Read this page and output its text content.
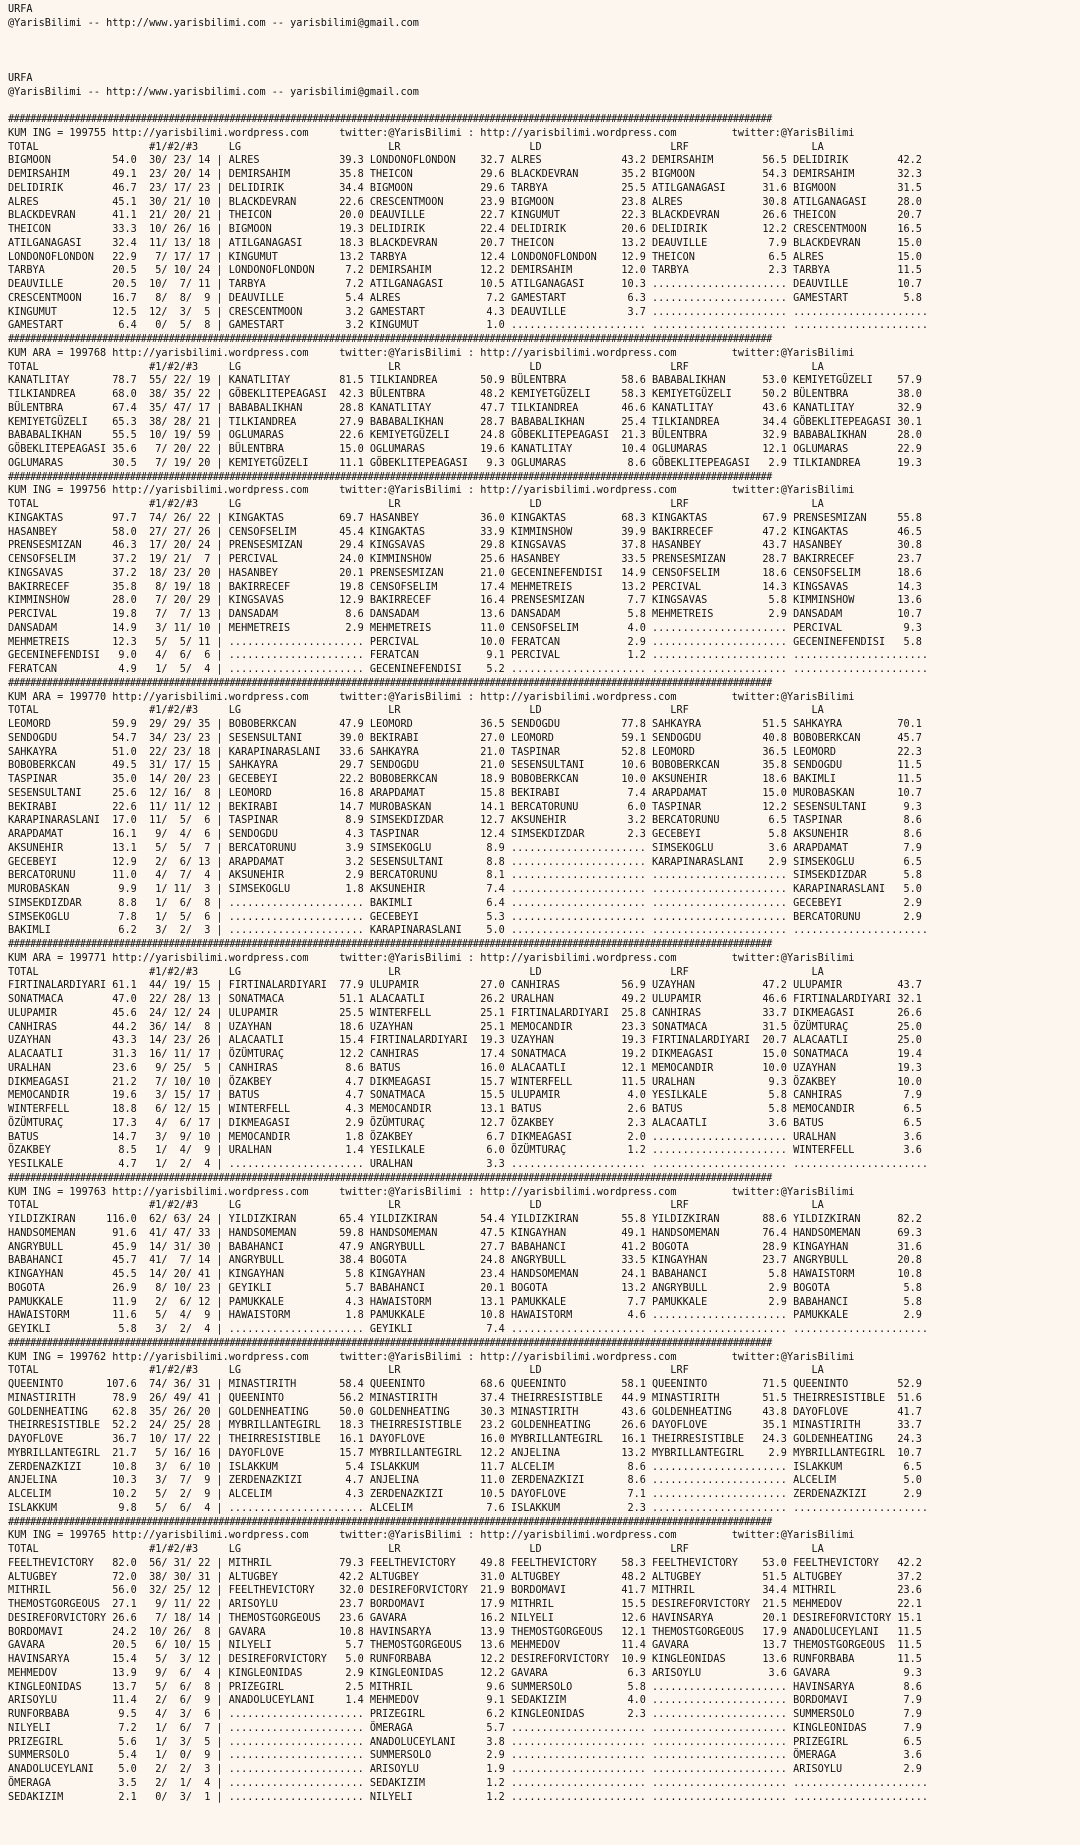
URFA
@YarisBilimi -- http://www.yarisbilimi.com -- yarisbilimi@gmail.com

URFA
@YarisBilimi -- http://www.yarisbilimi.com -- yarisbilimi@gmail.com

##########################################################################################################################################
KUM ING = 199755 http://yarisbilimi.wordpress.com     twitter:@YarisBilimi : http://yarisbilimi.wordpress.com         twitter:@YarisBilimi
TOTAL                  #1/#2/#3     LG                        LR                     LD                     LRF                    LA
BIGMOON          54.0  30/ 23/ 14 | ALRES             39.3 LONDONOFLONDON    32.7 ALRES             43.2 DEMIRSAHIM        56.5 DELIDIRIK        42.2
DEMIRSAHIM       49.1  23/ 20/ 14 | DEMIRSAHIM        35.8 THEICON           29.6 BLACKDEVRAN       35.2 BIGMOON           54.3 DEMIRSAHIM       32.3
DELIDIRIK        46.7  23/ 17/ 23 | DELIDIRIK         34.4 BIGMOON           29.6 TARBYA            25.5 ATILGANAGASI      31.6 BIGMOON          31.5
ALRES            45.1  30/ 21/ 10 | BLACKDEVRAN       22.6 CRESCENTMOON      23.9 BIGMOON           23.8 ALRES             30.8 ATILGANAGASI     28.0
BLACKDEVRAN      41.1  21/ 20/ 21 | THEICON           20.0 DEAUVILLE         22.7 KINGUMUT          22.3 BLACKDEVRAN       26.6 THEICON          20.7
THEICON          33.3  10/ 26/ 16 | BIGMOON           19.3 DELIDIRIK         22.4 DELIDIRIK         20.6 DELIDIRIK         12.2 CRESCENTMOON     16.5
ATILGANAGASI     32.4  11/ 13/ 18 | ATILGANAGASI      18.3 BLACKDEVRAN       20.7 THEICON           13.2 DEAUVILLE          7.9 BLACKDEVRAN      15.0
LONDONOFLONDON   22.9   7/ 17/ 17 | KINGUMUT          13.2 TARBYA            12.4 LONDONOFLONDON    12.9 THEICON            6.5 ALRES            15.0
TARBYA           20.5   5/ 10/ 24 | LONDONOFLONDON     7.2 DEMIRSAHIM        12.2 DEMIRSAHIM        12.0 TARBYA             2.3 TARBYA           11.5
DEAUVILLE        20.5  10/  7/ 11 | TARBYA             7.2 ATILGANAGASI      10.5 ATILGANAGASI      10.3 ...................... DEAUVILLE        10.7
CRESCENTMOON     16.7   8/  8/  9 | DEAUVILLE          5.4 ALRES              7.2 GAMESTART          6.3 ...................... GAMESTART         5.8
KINGUMUT         12.5  12/  3/  5 | CRESCENTMOON       3.2 GAMESTART          4.3 DEAUVILLE          3.7 ...................... ......................
GAMESTART         6.4   0/  5/  8 | GAMESTART          3.2 KINGUMUT           1.0 ...................... ...................... ......................
##########################################################################################################################################
KUM ARA = 199768 http://yarisbilimi.wordpress.com     twitter:@YarisBilimi : http://yarisbilimi.wordpress.com         twitter:@YarisBilimi
TOTAL                  #1/#2/#3     LG                        LR                     LD                     LRF                    LA
KANATLITAY       78.7  55/ 22/ 19 | KANATLITAY        81.5 TILKIANDREA       50.9 BÜLENTBRA         58.6 BABABALIKHAN      53.0 KEMIYETGÜZELI    57.9
TILKIANDREA      68.0  38/ 35/ 22 | GÖBEKLITEPEAGASI  42.3 BÜLENTBRA         48.2 KEMIYETGÜZELI     58.3 KEMIYETGÜZELI     50.2 BÜLENTBRA        38.0
BÜLENTBRA        67.4  35/ 47/ 17 | BABABALIKHAN      28.8 KANATLITAY        47.7 TILKIANDREA       46.6 KANATLITAY        43.6 KANATLITAY       32.9
KEMIYETGÜZELI    65.3  38/ 28/ 21 | TILKIANDREA       27.9 BABABALIKHAN      28.7 BABABALIKHAN      25.4 TILKIANDREA       34.4 GÖBEKLITEPEAGASI 30.1
BABABALIKHAN     55.5  10/ 19/ 59 | OGLUMARAS         22.6 KEMIYETGÜZELI     24.8 GÖBEKLITEPEAGASI  21.3 BÜLENTBRA         32.9 BABABALIKHAN     28.0
GÖBEKLITEPEAGASI 35.6   7/ 20/ 22 | BÜLENTBRA         15.0 OGLUMARAS         19.6 KANATLITAY        10.4 OGLUMARAS         12.1 OGLUMARAS        22.9
OGLUMARAS        30.5   7/ 19/ 20 | KEMIYETGÜZELI     11.1 GÖBEKLITEPEAGASI   9.3 OGLUMARAS          8.6 GÖBEKLITEPEAGASI   2.9 TILKIANDREA      19.3
##########################################################################################################################################
KUM ING = 199756 http://yarisbilimi.wordpress.com     twitter:@YarisBilimi : http://yarisbilimi.wordpress.com         twitter:@YarisBilimi
TOTAL                  #1/#2/#3     LG                        LR                     LD                     LRF                    LA
KINGAKTAS        97.7  74/ 26/ 22 | KINGAKTAS         69.7 HASANBEY          36.0 KINGAKTAS         68.3 KINGAKTAS         67.9 PRENSESMIZAN     55.8
HASANBEY         58.0  27/ 27/ 26 | CENSOFSELIM       45.4 KINGAKTAS         33.9 KIMMINSHOW        39.9 BAKIRRECEF        47.2 KINGAKTAS        46.5
PRENSESMIZAN     46.3  17/ 20/ 24 | PRENSESMIZAN      29.4 KINGSAVAS         29.8 KINGSAVAS         37.8 HASANBEY          43.7 HASANBEY         30.8
CENSOFSELIM      37.2  19/ 21/  7 | PERCIVAL          24.0 KIMMINSHOW        25.6 HASANBEY          33.5 PRENSESMIZAN      28.7 BAKIRRECEF       23.7
KINGSAVAS        37.2  18/ 23/ 20 | HASANBEY          20.1 PRENSESMIZAN      21.0 GECENINEFENDISI   14.9 CENSOFSELIM       18.6 CENSOFSELIM      18.6
BAKIRRECEF       35.8   8/ 19/ 18 | BAKIRRECEF        19.8 CENSOFSELIM       17.4 MEHMETREIS        13.2 PERCIVAL          14.3 KINGSAVAS        14.3
KIMMINSHOW       28.0   7/ 20/ 29 | KINGSAVAS         12.9 BAKIRRECEF        16.4 PRENSESMIZAN       7.7 KINGSAVAS          5.8 KIMMINSHOW       13.6
PERCIVAL         19.8   7/  7/ 13 | DANSADAM           8.6 DANSADAM          13.6 DANSADAM           5.8 MEHMETREIS         2.9 DANSADAM         10.7
DANSADAM         14.9   3/ 11/ 10 | MEHMETREIS         2.9 MEHMETREIS        11.0 CENSOFSELIM        4.0 ...................... PERCIVAL          9.3
MEHMETREIS       12.3   5/  5/ 11 | ...................... PERCIVAL          10.0 FERATCAN           2.9 ...................... GECENINEFENDISI   5.8
GECENINEFENDISI   9.0   4/  6/  6 | ...................... FERATCAN           9.1 PERCIVAL           1.2 ...................... ......................
FERATCAN          4.9   1/  5/  4 | ...................... GECENINEFENDISI    5.2 ...................... ...................... ......................
##########################################################################################################################################
KUM ARA = 199770 http://yarisbilimi.wordpress.com     twitter:@YarisBilimi : http://yarisbilimi.wordpress.com         twitter:@YarisBilimi
TOTAL                  #1/#2/#3     LG                        LR                     LD                     LRF                    LA
LEOMORD          59.9  29/ 29/ 35 | BOBOBERKCAN       47.9 LEOMORD           36.5 SENDOGDU          77.8 SAHKAYRA          51.5 SAHKAYRA         70.1
SENDOGDU         54.7  34/ 23/ 23 | SESENSULTANI      39.0 BEKIRABI          27.0 LEOMORD           59.1 SENDOGDU          40.8 BOBOBERKCAN      45.7
SAHKAYRA         51.0  22/ 23/ 18 | KARAPINARASLANI   33.6 SAHKAYRA          21.0 TASPINAR          52.8 LEOMORD           36.5 LEOMORD          22.3
BOBOBERKCAN      49.5  31/ 17/ 15 | SAHKAYRA          29.7 SENDOGDU          21.0 SESENSULTANI      10.6 BOBOBERKCAN       35.8 SENDOGDU         11.5
TASPINAR         35.0  14/ 20/ 23 | GECEBEYI          22.2 BOBOBERKCAN       18.9 BOBOBERKCAN       10.0 AKSUNEHIR         18.6 BAKIMLI          11.5
SESENSULTANI     25.6  12/ 16/  8 | LEOMORD           16.8 ARAPDAMAT         15.8 BEKIRABI           7.4 ARAPDAMAT         15.0 MUROBASKAN       10.7
BEKIRABI         22.6  11/ 11/ 12 | BEKIRABI          14.7 MUROBASKAN        14.1 BERCATORUNU        6.0 TASPINAR          12.2 SESENSULTANI      9.3
KARAPINARASLANI  17.0  11/  5/  6 | TASPINAR           8.9 SIMSEKDIZDAR      12.7 AKSUNEHIR          3.2 BERCATORUNU        6.5 TASPINAR          8.6
ARAPDAMAT        16.1   9/  4/  6 | SENDOGDU           4.3 TASPINAR          12.4 SIMSEKDIZDAR       2.3 GECEBEYI           5.8 AKSUNEHIR         8.6
AKSUNEHIR        13.1   5/  5/  7 | BERCATORUNU        3.9 SIMSEKOGLU         8.9 ...................... SIMSEKOGLU         3.6 ARAPDAMAT         7.9
GECEBEYI         12.9   2/  6/ 13 | ARAPDAMAT          3.2 SESENSULTANI       8.8 ...................... KARAPINARASLANI    2.9 SIMSEKOGLU        6.5
BERCATORUNU      11.0   4/  7/  4 | AKSUNEHIR          2.9 BERCATORUNU        8.1 ...................... ...................... SIMSEKDIZDAR      5.8
MUROBASKAN        9.9   1/ 11/  3 | SIMSEKOGLU         1.8 AKSUNEHIR          7.4 ...................... ...................... KARAPINARASLANI   5.0
SIMSEKDIZDAR      8.8   1/  6/  8 | ...................... BAKIMLI            6.4 ...................... ...................... GECEBEYI          2.9
SIMSEKOGLU        7.8   1/  5/  6 | ...................... GECEBEYI           5.3 ...................... ...................... BERCATORUNU       2.9
BAKIMLI           6.2   3/  2/  3 | ...................... KARAPINARASLANI    5.0 ...................... ...................... ......................
##########################################################################################################################################
KUM ARA = 199771 http://yarisbilimi.wordpress.com     twitter:@YarisBilimi : http://yarisbilimi.wordpress.com         twitter:@YarisBilimi
TOTAL                  #1/#2/#3     LG                        LR                     LD                     LRF                    LA
FIRTINALARDIYARI 61.1  44/ 19/ 15 | FIRTINALARDIYARI  77.9 ULUPAMIR          27.0 CANHIRAS          56.9 UZAYHAN           47.2 ULUPAMIR         43.7
SONATMACA        47.0  22/ 28/ 13 | SONATMACA         51.1 ALACAATLI         26.2 URALHAN           49.2 ULUPAMIR          46.6 FIRTINALARDIYARI 32.1
ULUPAMIR         45.6  24/ 12/ 24 | ULUPAMIR          25.5 WINTERFELL        25.1 FIRTINALARDIYARI  25.8 CANHIRAS          33.7 DIKMEAGASI       26.6
CANHIRAS         44.2  36/ 14/  8 | UZAYHAN           18.6 UZAYHAN           25.1 MEMOCANDIR        23.3 SONATMACA         31.5 ÖZÜMTURAÇ        25.0
UZAYHAN          43.3  14/ 23/ 26 | ALACAATLI         15.4 FIRTINALARDIYARI  19.3 UZAYHAN           19.3 FIRTINALARDIYARI  20.7 ALACAATLI        25.0
ALACAATLI        31.3  16/ 11/ 17 | ÖZÜMTURAÇ         12.2 CANHIRAS          17.4 SONATMACA         19.2 DIKMEAGASI        15.0 SONATMACA        19.4
URALHAN          23.6   9/ 25/  5 | CANHIRAS           8.6 BATUS             16.0 ALACAATLI         12.1 MEMOCANDIR        10.0 UZAYHAN          19.3
DIKMEAGASI       21.2   7/ 10/ 10 | ÖZAKBEY            4.7 DIKMEAGASI        15.7 WINTERFELL        11.5 URALHAN            9.3 ÖZAKBEY          10.0
MEMOCANDIR       19.6   3/ 15/ 17 | BATUS              4.7 SONATMACA         15.5 ULUPAMIR           4.0 YESILKALE          5.8 CANHIRAS          7.9
WINTERFELL       18.8   6/ 12/ 15 | WINTERFELL         4.3 MEMOCANDIR        13.1 BATUS              2.6 BATUS              5.8 MEMOCANDIR        6.5
ÖZÜMTURAÇ        17.3   4/  6/ 17 | DIKMEAGASI         2.9 ÖZÜMTURAÇ         12.7 ÖZAKBEY            2.3 ALACAATLI          3.6 BATUS             6.5
BATUS            14.7   3/  9/ 10 | MEMOCANDIR         1.8 ÖZAKBEY            6.7 DIKMEAGASI         2.0 ...................... URALHAN           3.6
ÖZAKBEY           8.5   1/  4/  9 | URALHAN            1.4 YESILKALE          6.0 ÖZÜMTURAÇ          1.2 ...................... WINTERFELL        3.6
YESILKALE         4.7   1/  2/  4 | ...................... URALHAN            3.3 ...................... ...................... ......................
##########################################################################################################################################
KUM ING = 199763 http://yarisbilimi.wordpress.com     twitter:@YarisBilimi : http://yarisbilimi.wordpress.com         twitter:@YarisBilimi
TOTAL                  #1/#2/#3     LG                        LR                     LD                     LRF                    LA
YILDIZKIRAN     116.0  62/ 63/ 24 | YILDIZKIRAN       65.4 YILDIZKIRAN       54.4 YILDIZKIRAN       55.8 YILDIZKIRAN       88.6 YILDIZKIRAN      82.2
HANDSOMEMAN      91.6  41/ 47/ 33 | HANDSOMEMAN       59.8 HANDSOMEMAN       47.5 KINGAYHAN         49.1 HANDSOMEMAN       76.4 HANDSOMEMAN      69.3
ANGRYBULL        45.9  14/ 31/ 30 | BABAHANCI         47.9 ANGRYBULL         27.7 BABAHANCI         41.2 BOGOTA            28.9 KINGAYHAN        31.6
BABAHANCI        45.7  41/  7/ 14 | ANGRYBULL         38.4 BOGOTA            24.8 ANGRYBULL         33.5 KINGAYHAN         23.7 ANGRYBULL        20.8
KINGAYHAN        45.5  14/ 20/ 41 | KINGAYHAN          5.8 KINGAYHAN         23.4 HANDSOMEMAN       24.1 BABAHANCI          5.8 HAWAISTORM       10.8
BOGOTA           26.9   8/ 10/ 23 | GEYIKLI            5.7 BABAHANCI         20.1 BOGOTA            13.2 ANGRYBULL          2.9 BOGOTA            5.8
PAMUKKALE        11.9   2/  6/ 12 | PAMUKKALE          4.3 HAWAISTORM        13.1 PAMUKKALE          7.7 PAMUKKALE          2.9 BABAHANCI         5.8
HAWAISTORM       11.6   5/  4/  9 | HAWAISTORM         1.8 PAMUKKALE         10.8 HAWAISTORM         4.6 ...................... PAMUKKALE         2.9
GEYIKLI           5.8   3/  2/  4 | ...................... GEYIKLI            7.4 ...................... ...................... ......................
##########################################################################################################################################
KUM ING = 199762 http://yarisbilimi.wordpress.com     twitter:@YarisBilimi : http://yarisbilimi.wordpress.com         twitter:@YarisBilimi
TOTAL                  #1/#2/#3     LG                        LR                     LD                     LRF                    LA
QUEENINTO       107.6  74/ 36/ 31 | MINASTIRITH       58.4 QUEENINTO         68.6 QUEENINTO         58.1 QUEENINTO         71.5 QUEENINTO        52.9
MINASTIRITH      78.9  26/ 49/ 41 | QUEENINTO         56.2 MINASTIRITH       37.4 THEIRRESISTIBLE   44.9 MINASTIRITH       51.5 THEIRRESISTIBLE  51.6
GOLDENHEATING    62.8  35/ 26/ 20 | GOLDENHEATING     50.0 GOLDENHEATING     30.3 MINASTIRITH       43.6 GOLDENHEATING     43.8 DAYOFLOVE        41.7
THEIRRESISTIBLE  52.2  24/ 25/ 28 | MYBRILLANTEGIRL   18.3 THEIRRESISTIBLE   23.2 GOLDENHEATING     26.6 DAYOFLOVE         35.1 MINASTIRITH      33.7
DAYOFLOVE        36.7  10/ 17/ 22 | THEIRRESISTIBLE   16.1 DAYOFLOVE         16.0 MYBRILLANTEGIRL   16.1 THEIRRESISTIBLE   24.3 GOLDENHEATING    24.3
MYBRILLANTEGIRL  21.7   5/ 16/ 16 | DAYOFLOVE         15.7 MYBRILLANTEGIRL   12.2 ANJELINA          13.2 MYBRILLANTEGIRL    2.9 MYBRILLANTEGIRL  10.7
ZERDENAZKIZI     10.8   3/  6/ 10 | ISLAKKUM           5.4 ISLAKKUM          11.7 ALCELIM            8.6 ...................... ISLAKKUM          6.5
ANJELINA         10.3   3/  7/  9 | ZERDENAZKIZI       4.7 ANJELINA          11.0 ZERDENAZKIZI       8.6 ...................... ALCELIM           5.0
ALCELIM          10.2   5/  2/  9 | ALCELIM            4.3 ZERDENAZKIZI      10.5 DAYOFLOVE          7.1 ...................... ZERDENAZKIZI      2.9
ISLAKKUM          9.8   5/  6/  4 | ...................... ALCELIM            7.6 ISLAKKUM           2.3 ...................... ......................
##########################################################################################################################################
KUM ING = 199765 http://yarisbilimi.wordpress.com     twitter:@YarisBilimi : http://yarisbilimi.wordpress.com         twitter:@YarisBilimi
TOTAL                  #1/#2/#3     LG                        LR                     LD                     LRF                    LA
FEELTHEVICTORY   82.0  56/ 31/ 22 | MITHRIL           79.3 FEELTHEVICTORY    49.8 FEELTHEVICTORY    58.3 FEELTHEVICTORY    53.0 FEELTHEVICTORY   42.2
ALTUGBEY         72.0  38/ 30/ 31 | ALTUGBEY          42.2 ALTUGBEY          31.0 ALTUGBEY          48.2 ALTUGBEY          51.5 ALTUGBEY         37.2
MITHRIL          56.0  32/ 25/ 12 | FEELTHEVICTORY    32.0 DESIREFORVICTORY  21.9 BORDOMAVI         41.7 MITHRIL           34.4 MITHRIL          23.6
THEMOSTGORGEOUS  27.1   9/ 11/ 22 | ARISOYLU          23.7 BORDOMAVI         17.9 MITHRIL           15.5 DESIREFORVICTORY  21.5 MEHMEDOV         22.1
DESIREFORVICTORY 26.6   7/ 18/ 14 | THEMOSTGORGEOUS   23.6 GAVARA            16.2 NILYELI           12.6 HAVINSARYA        20.1 DESIREFORVICTORY 15.1
BORDOMAVI        24.2  10/ 26/  8 | GAVARA            10.8 HAVINSARYA        13.9 THEMOSTGORGEOUS   12.1 THEMOSTGORGEOUS   17.9 ANADOLUCEYLANI   11.5
GAVARA           20.5   6/ 10/ 15 | NILYELI            5.7 THEMOSTGORGEOUS   13.6 MEHMEDOV          11.4 GAVARA            13.7 THEMOSTGORGEOUS  11.5
HAVINSARYA       15.4   5/  3/ 12 | DESIREFORVICTORY   5.0 RUNFORBABA        12.2 DESIREFORVICTORY  10.9 KINGLEONIDAS      13.6 RUNFORBABA       11.5
MEHMEDOV         13.9   9/  6/  4 | KINGLEONIDAS       2.9 KINGLEONIDAS      12.2 GAVARA             6.3 ARISOYLU           3.6 GAVARA            9.3
KINGLEONIDAS     13.7   5/  6/  8 | PRIZEGIRL          2.5 MITHRIL            9.6 SUMMERSOLO         5.8 ...................... HAVINSARYA        8.6
ARISOYLU         11.4   2/  6/  9 | ANADOLUCEYLANI     1.4 MEHMEDOV           9.1 SEDAKIZIM          4.0 ...................... BORDOMAVI         7.9
RUNFORBABA        9.5   4/  3/  6 | ...................... PRIZEGIRL          6.2 KINGLEONIDAS       2.3 ...................... SUMMERSOLO        7.9
NILYELI           7.2   1/  6/  7 | ...................... ÖMERAGA            5.7 ...................... ...................... KINGLEONIDAS      7.9
PRIZEGIRL         5.6   1/  3/  5 | ...................... ANADOLUCEYLANI     3.8 ...................... ...................... PRIZEGIRL         6.5
SUMMERSOLO        5.4   1/  0/  9 | ...................... SUMMERSOLO         2.9 ...................... ...................... ÖMERAGA           3.6
ANADOLUCEYLANI    5.0   2/  2/  3 | ...................... ARISOYLU           1.9 ...................... ...................... ARISOYLU          2.9
ÖMERAGA           3.5   2/  1/  4 | ...................... SEDAKIZIM          1.2 ...................... ...................... ......................
SEDAKIZIM         2.1   0/  3/  1 | ...................... NILYELI            1.2 ...................... ...................... ......................
